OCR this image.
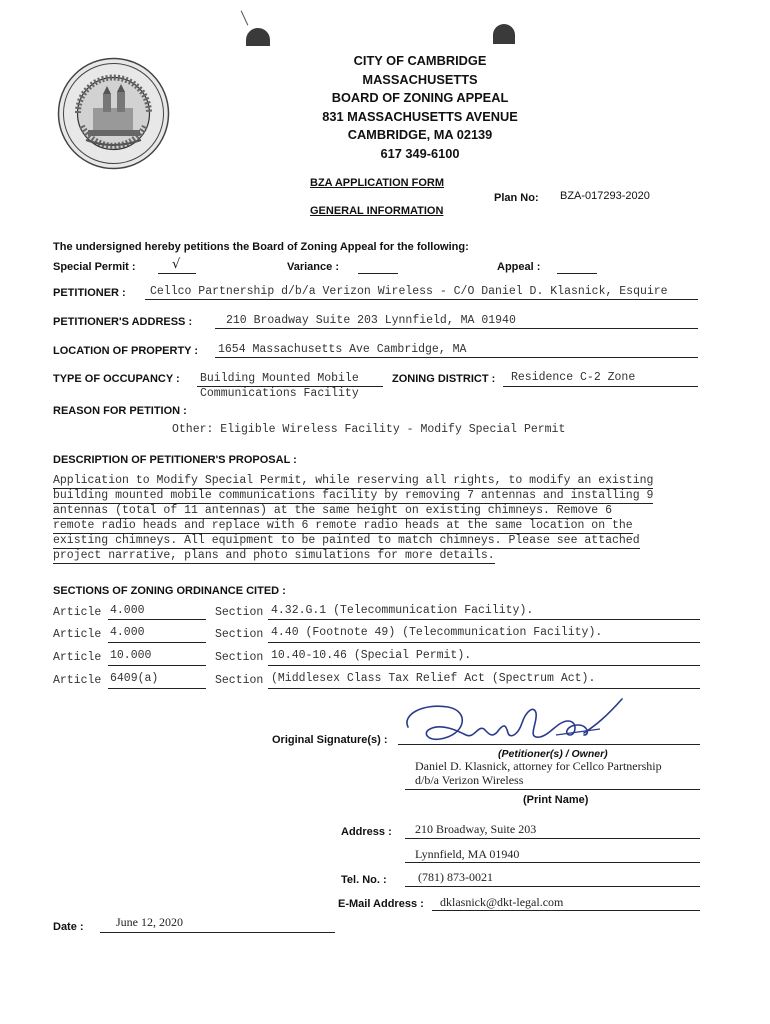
CITY OF CAMBRIDGE
MASSACHUSETTS
BOARD OF ZONING APPEAL
831 MASSACHUSETTS AVENUE
CAMBRIDGE, MA 02139
617 349-6100
BZA APPLICATION FORM
GENERAL INFORMATION
Plan No: BZA-017293-2020
The undersigned hereby petitions the Board of Zoning Appeal for the following:
Special Permit :	√	Variance :	Appeal :
PETITIONER : Cellco Partnership d/b/a Verizon Wireless - C/O Daniel D. Klasnick, Esquire
PETITIONER'S ADDRESS :	210 Broadway Suite 203 Lynnfield, MA 01940
LOCATION OF PROPERTY : 1654 Massachusetts Ave Cambridge, MA
TYPE OF OCCUPANCY : Building Mounted Mobile
Communications Facility
ZONING DISTRICT : Residence C-2 Zone
REASON FOR PETITION :
Other: Eligible Wireless Facility - Modify Special Permit
DESCRIPTION OF PETITIONER'S PROPOSAL :
Application to Modify Special Permit, while reserving all rights, to modify an existing
building mounted mobile communications facility by removing 7 antennas and installing 9
antennas (total of 11 antennas) at the same height on existing chimneys. Remove 6
remote radio heads and replace with 6 remote radio heads at the same location on the
existing chimneys. All equipment to be painted to match chimneys. Please see attached
project narrative, plans and photo simulations for more details.
SECTIONS OF ZONING ORDINANCE CITED :
Article 4.000	Section 4.32.G.1 (Telecommunication Facility).
Article 4.000	Section 4.40 (Footnote 49) (Telecommunication Facility).
Article 10.000	Section 10.40-10.46 (Special Permit).
Article 6409(a)	Section (Middlesex Class Tax Relief Act (Spectrum Act).
Original Signature(s) :
(Petitioner(s) / Owner)
Daniel D. Klasnick, attorney for Cellco Partnership
d/b/a Verizon Wireless
(Print Name)
Address : 210 Broadway, Suite 203
Lynnfield, MA 01940
Tel. No. :	(781) 873-0021
E-Mail Address : dklasnick@dkt-legal.com
Date :	June 12, 2020
